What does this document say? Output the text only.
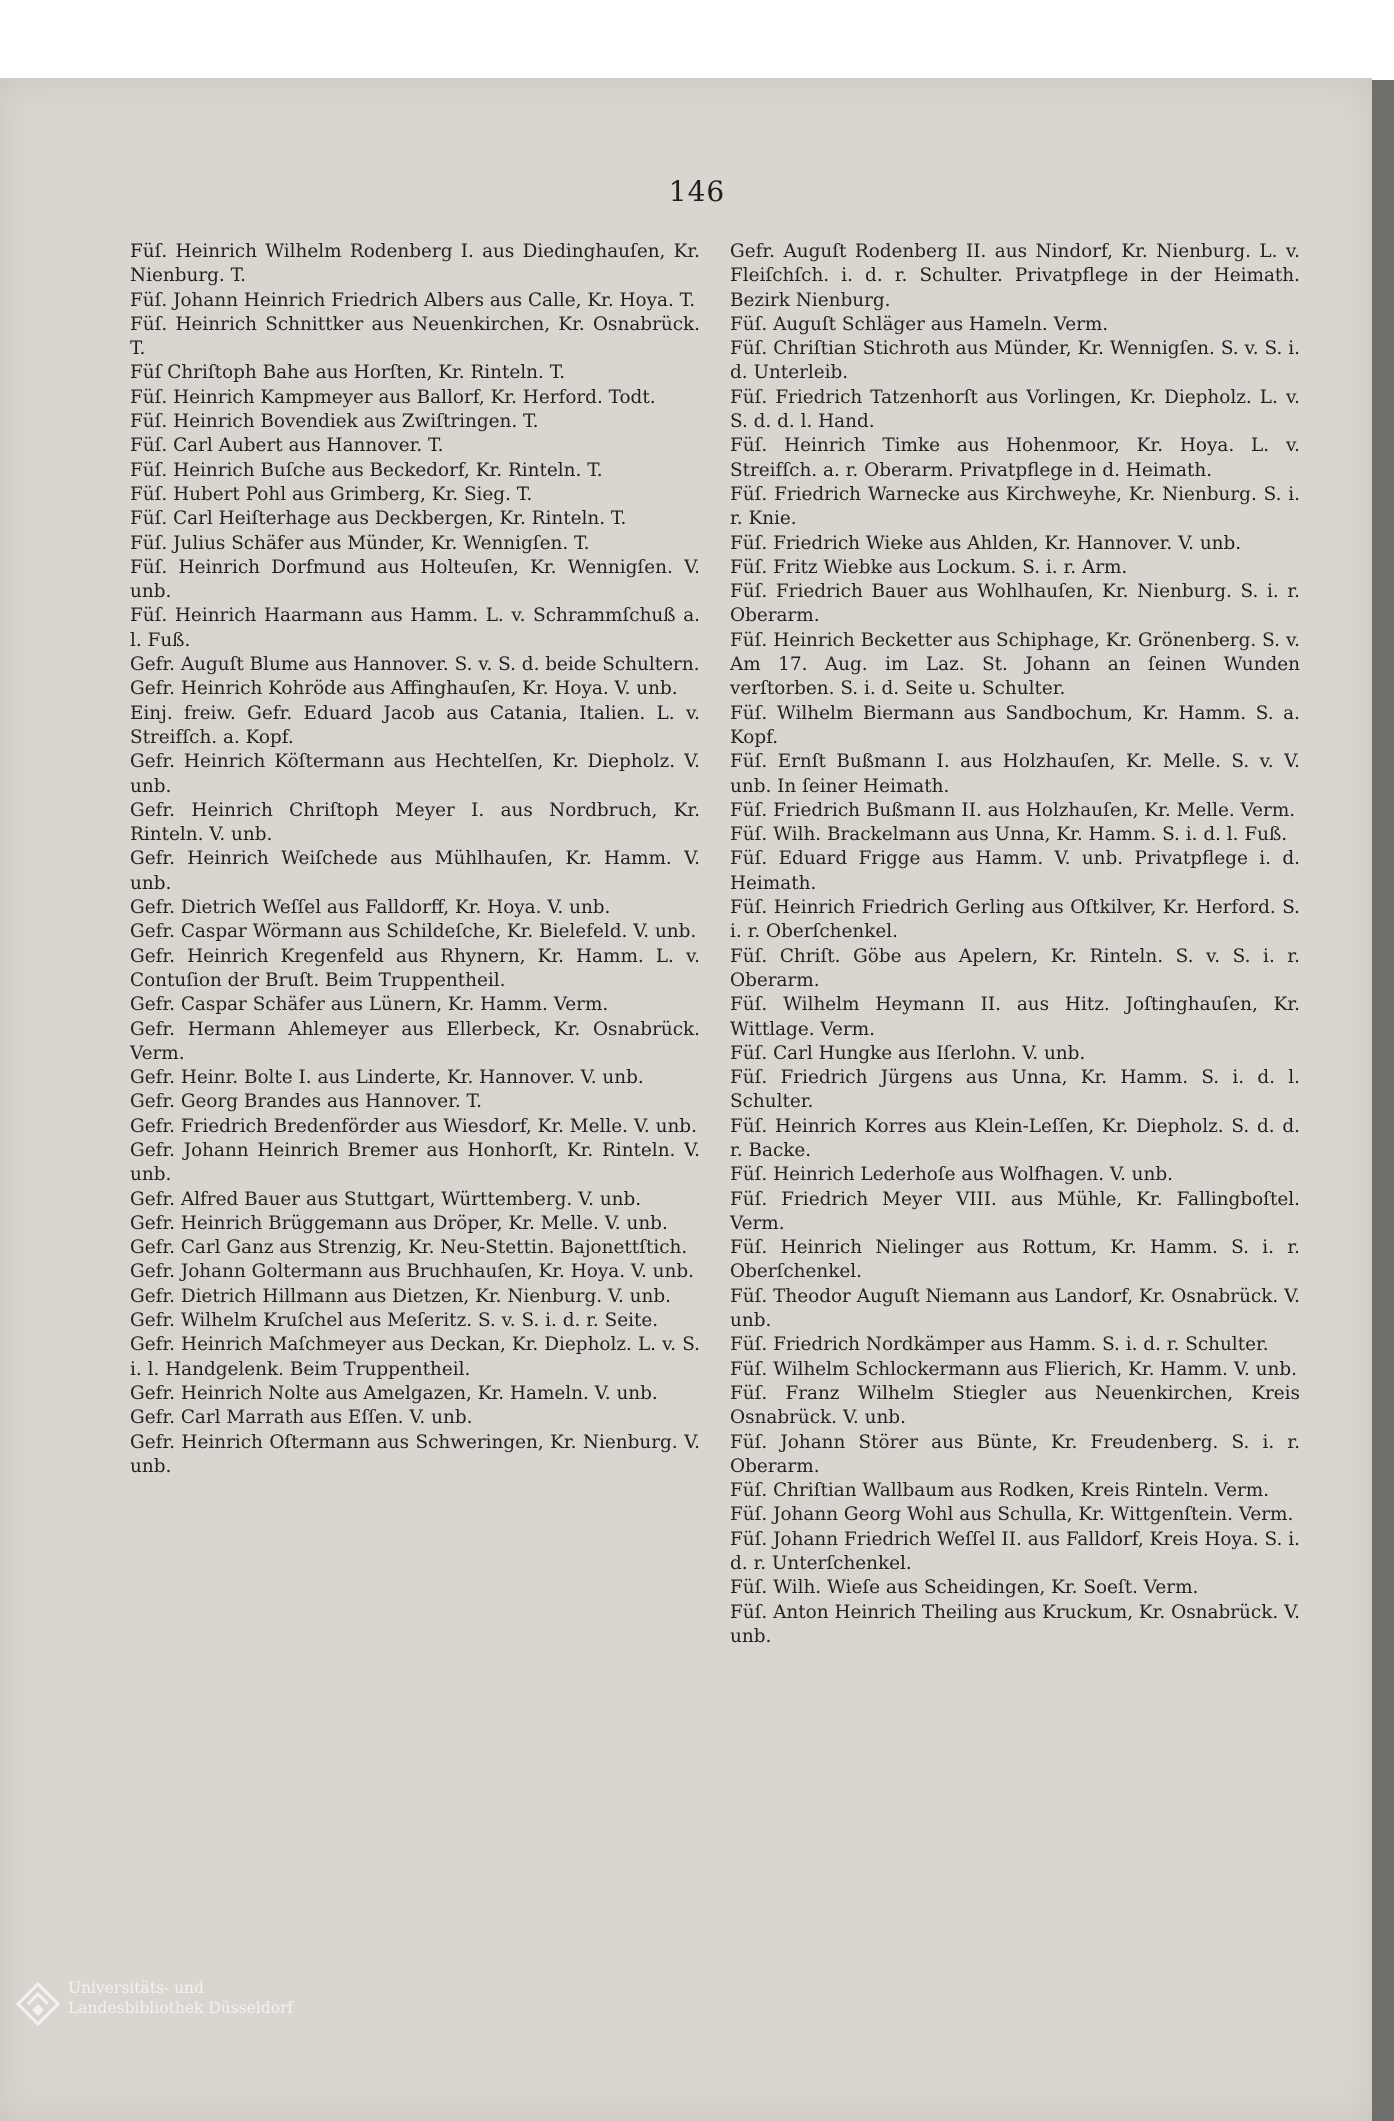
146

Füſ. Heinrich Wilhelm Rodenberg I. aus Diedinghauſen, Kr. Nienburg. T.

Füſ. Johann Heinrich Friedrich Albers aus Calle, Kr. Hoya. T.

Füſ. Heinrich Schnittker aus Neuenkirchen, Kr. Osnabrück. T.

Füſ Chriſtoph Bahe aus Horſten, Kr. Rinteln. T.

Füſ. Heinrich Kampmeyer aus Ballorf, Kr. Herford. Todt.

Füſ. Heinrich Bovendiek aus Zwiſtringen. T.

Füſ. Carl Aubert aus Hannover. T.

Füſ. Heinrich Buſche aus Beckedorf, Kr. Rinteln. T.

Füſ. Hubert Pohl aus Grimberg, Kr. Sieg. T.

Füſ. Carl Heiſterhage aus Deckbergen, Kr. Rinteln. T.

Füſ. Julius Schäfer aus Münder, Kr. Wennigſen. T.

Füſ. Heinrich Dorfmund aus Holteuſen, Kr. Wennigſen. V. unb.

Füſ. Heinrich Haarmann aus Hamm. L. v. Schrammſchuß a. l. Fuß.

Gefr. Auguſt Blume aus Hannover. S. v. S. d. beide Schultern.

Gefr. Heinrich Kohröde aus Affinghauſen, Kr. Hoya. V. unb.

Einj. freiw. Gefr. Eduard Jacob aus Catania, Italien. L. v. Streifſch. a. Kopf.

Gefr. Heinrich Köſtermann aus Hechtelſen, Kr. Diepholz. V. unb.

Gefr. Heinrich Chriſtoph Meyer I. aus Nordbruch, Kr. Rinteln. V. unb.

Gefr. Heinrich Weiſchede aus Mühlhauſen, Kr. Hamm. V. unb.

Gefr. Dietrich Weſſel aus Falldorff, Kr. Hoya. V. unb.

Gefr. Caspar Wörmann aus Schildeſche, Kr. Bielefeld. V. unb.

Gefr. Heinrich Kregenfeld aus Rhynern, Kr. Hamm. L. v. Contuſion der Bruſt. Beim Truppentheil.

Gefr. Caspar Schäfer aus Lünern, Kr. Hamm. Verm.

Gefr. Hermann Ahlemeyer aus Ellerbeck, Kr. Osnabrück. Verm.

Gefr. Heinr. Bolte I. aus Linderte, Kr. Hannover. V. unb.

Gefr. Georg Brandes aus Hannover. T.

Gefr. Friedrich Bredenförder aus Wiesdorf, Kr. Melle. V. unb.

Gefr. Johann Heinrich Bremer aus Honhorſt, Kr. Rinteln. V. unb.

Gefr. Alfred Bauer aus Stuttgart, Württemberg. V. unb.

Gefr. Heinrich Brüggemann aus Dröper, Kr. Melle. V. unb.

Gefr. Carl Ganz aus Strenzig, Kr. Neu-Stettin. Bajonettſtich.

Gefr. Johann Goltermann aus Bruchhauſen, Kr. Hoya. V. unb.

Gefr. Dietrich Hillmann aus Dietzen, Kr. Nienburg. V. unb.

Gefr. Wilhelm Kruſchel aus Meſeritz. S. v. S. i. d. r. Seite.

Gefr. Heinrich Maſchmeyer aus Deckan, Kr. Diepholz. L. v. S. i. l. Handgelenk. Beim Truppentheil.

Gefr. Heinrich Nolte aus Amelgazen, Kr. Hameln. V. unb.

Gefr. Carl Marrath aus Eſſen. V. unb.

Gefr. Heinrich Oſtermann aus Schweringen, Kr. Nienburg. V. unb.

Gefr. Auguſt Rodenberg II. aus Nindorf, Kr. Nienburg. L. v. Fleiſchſch. i. d. r. Schulter. Privatpflege in der Heimath. Bezirk Nienburg.

Füſ. Auguſt Schläger aus Hameln. Verm.

Füſ. Chriſtian Stichroth aus Münder, Kr. Wennigſen. S. v. S. i. d. Unterleib.

Füſ. Friedrich Tatzenhorſt aus Vorlingen, Kr. Diepholz. L. v. S. d. d. l. Hand.

Füſ. Heinrich Timke aus Hohenmoor, Kr. Hoya. L. v. Streifſch. a. r. Oberarm. Privatpflege in d. Heimath.

Füſ. Friedrich Warnecke aus Kirchweyhe, Kr. Nienburg. S. i. r. Knie.

Füſ. Friedrich Wieke aus Ahlden, Kr. Hannover. V. unb.

Füſ. Fritz Wiebke aus Lockum. S. i. r. Arm.

Füſ. Friedrich Bauer aus Wohlhauſen, Kr. Nienburg. S. i. r. Oberarm.

Füſ. Heinrich Becketter aus Schiphage, Kr. Grönenberg. S. v. Am 17. Aug. im Laz. St. Johann an ſeinen Wunden verſtorben. S. i. d. Seite u. Schulter.

Füſ. Wilhelm Biermann aus Sandbochum, Kr. Hamm. S. a. Kopf.

Füſ. Ernſt Bußmann I. aus Holzhauſen, Kr. Melle. S. v. V. unb. In ſeiner Heimath.

Füſ. Friedrich Bußmann II. aus Holzhauſen, Kr. Melle. Verm.

Füſ. Wilh. Brackelmann aus Unna, Kr. Hamm. S. i. d. l. Fuß.

Füſ. Eduard Frigge aus Hamm. V. unb. Privatpflege i. d. Heimath.

Füſ. Heinrich Friedrich Gerling aus Oſtkilver, Kr. Herford. S. i. r. Oberſchenkel.

Füſ. Chriſt. Göbe aus Apelern, Kr. Rinteln. S. v. S. i. r. Oberarm.

Füſ. Wilhelm Heymann II. aus Hitz. Joſtinghauſen, Kr. Wittlage. Verm.

Füſ. Carl Hungke aus Iſerlohn. V. unb.

Füſ. Friedrich Jürgens aus Unna, Kr. Hamm. S. i. d. l. Schulter.

Füſ. Heinrich Korres aus Klein-Leſſen, Kr. Diepholz. S. d. d. r. Backe.

Füſ. Heinrich Lederhoſe aus Wolfhagen. V. unb.

Füſ. Friedrich Meyer VIII. aus Mühle, Kr. Fallingboſtel. Verm.

Füſ. Heinrich Nielinger aus Rottum, Kr. Hamm. S. i. r. Oberſchenkel.

Füſ. Theodor Auguſt Niemann aus Landorf, Kr. Osnabrück. V. unb.

Füſ. Friedrich Nordkämper aus Hamm. S. i. d. r. Schulter.

Füſ. Wilhelm Schlockermann aus Flierich, Kr. Hamm. V. unb.

Füſ. Franz Wilhelm Stiegler aus Neuenkirchen, Kreis Osnabrück. V. unb.

Füſ. Johann Störer aus Bünte, Kr. Freudenberg. S. i. r. Oberarm.

Füſ. Chriſtian Wallbaum aus Rodken, Kreis Rinteln. Verm.

Füſ. Johann Georg Wohl aus Schulla, Kr. Wittgenſtein. Verm.

Füſ. Johann Friedrich Weſſel II. aus Falldorf, Kreis Hoya. S. i. d. r. Unterſchenkel.

Füſ. Wilh. Wieſe aus Scheidingen, Kr. Soeſt. Verm.

Füſ. Anton Heinrich Theiling aus Kruckum, Kr. Osnabrück. V. unb.

Universitäts- und
Landesbibliothek Düsseldorf
